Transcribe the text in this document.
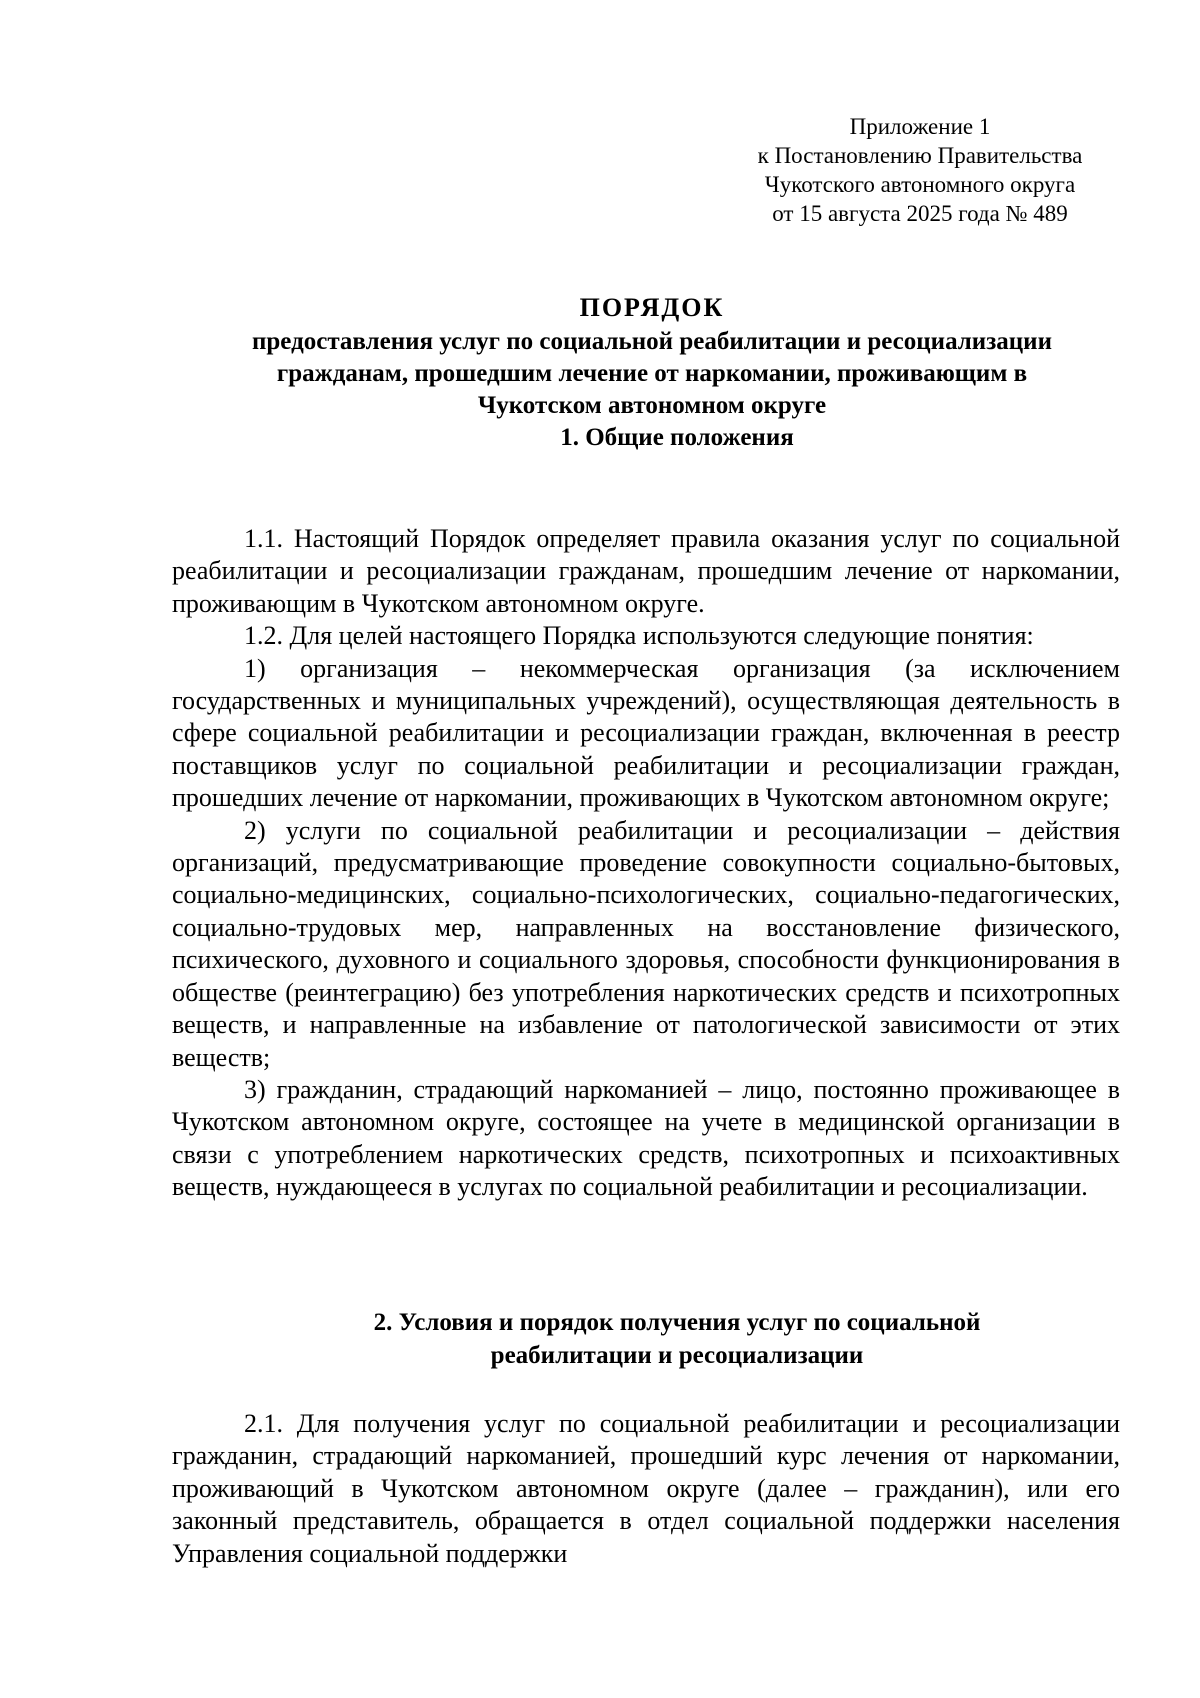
Приложение 1
к Постановлению Правительства
Чукотского автономного округа
от 15 августа 2025 года № 489
ПОРЯДОК
предоставления услуг по социальной реабилитации и ресоциализации
гражданам, прошедшим лечение от наркомании, проживающим в
Чукотском автономном округе
1. Общие положения

1.1. Настоящий Порядок определяет правила оказания услуг по социальной реабилитации и ресоциализации гражданам, прошедшим лечение от наркомании, проживающим в Чукотском автономном округе.

1.2. Для целей настоящего Порядка используются следующие понятия:

1) организация – некоммерческая организация (за исключением государственных и муниципальных учреждений), осуществляющая деятельность в сфере социальной реабилитации и ресоциализации граждан, включенная в реестр поставщиков услуг по социальной реабилитации и ресоциализации граждан, прошедших лечение от наркомании, проживающих в Чукотском автономном округе;

2) услуги по социальной реабилитации и ресоциализации – действия организаций, предусматривающие проведение совокупности социально-бытовых, социально-медицинских, социально-психологических, социально-педагогических, социально-трудовых мер, направленных на восстановление физического, психического, духовного и социального здоровья, способности функционирования в обществе (реинтеграцию) без употребления наркотических средств и психотропных веществ, и направленные на избавление от патологической зависимости от этих веществ;

3) гражданин, страдающий наркоманией – лицо, постоянно проживающее в Чукотском автономном округе, состоящее на учете в медицинской организации в связи с употреблением наркотических средств, психотропных и психоактивных веществ, нуждающееся в услугах по социальной реабилитации и ресоциализации.

2. Условия и порядок получения услуг по социальной
реабилитации и ресоциализации

2.1. Для получения услуг по социальной реабилитации и ресоциализации гражданин, страдающий наркоманией, прошедший курс лечения от наркомании, проживающий в Чукотском автономном округе (далее – гражданин), или его законный представитель, обращается в отдел социальной поддержки населения Управления социальной поддержки
